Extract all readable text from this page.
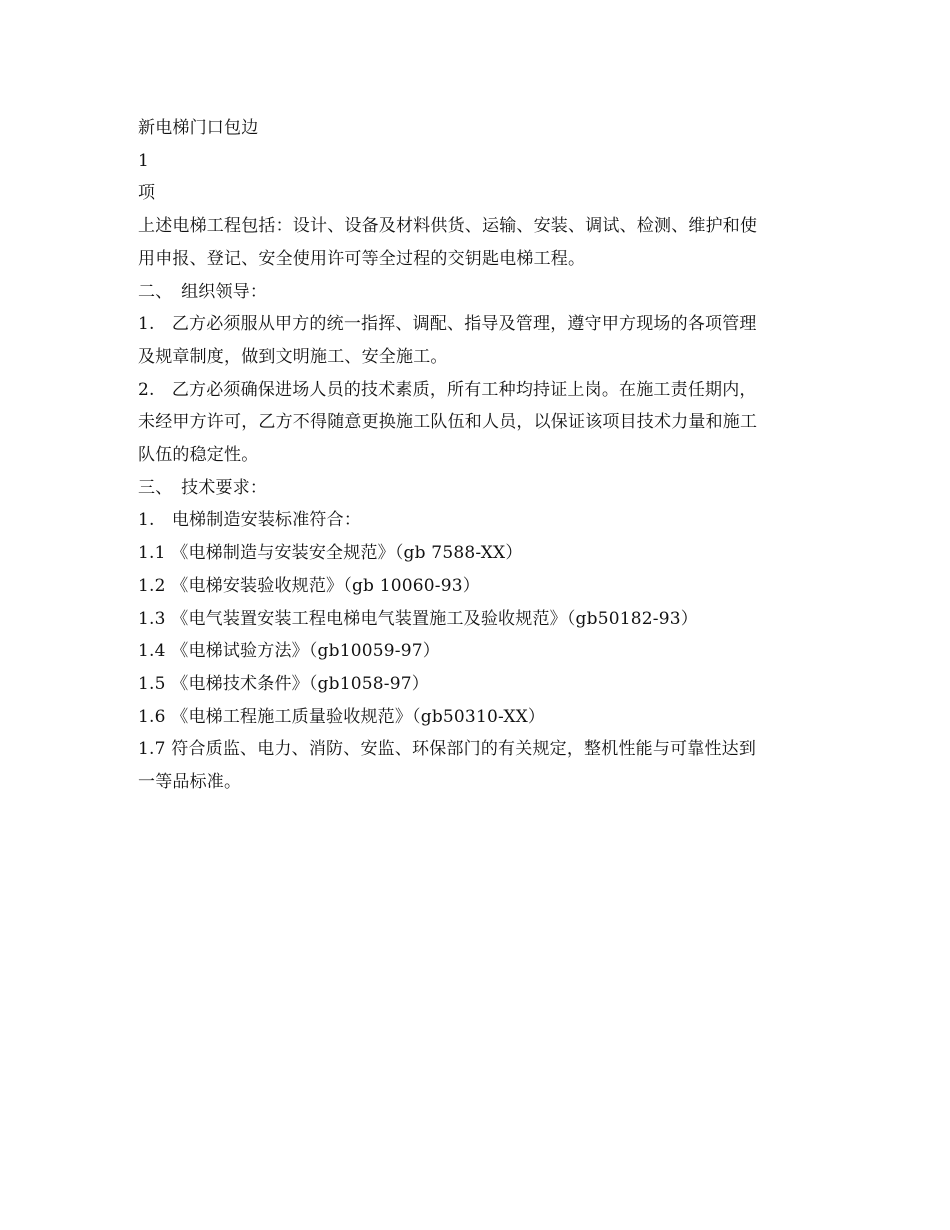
新电梯门口包边
1
项
上述电梯工程包括：设计、设备及材料供货、运输、安装、调试、检测、维护和使
用申报、登记、安全使用许可等全过程的交钥匙电梯工程。
二、　组织领导：
1.　乙方必须服从甲方的统一指挥、调配、指导及管理，遵守甲方现场的各项管理
及规章制度，做到文明施工、安全施工。
2.　乙方必须确保进场人员的技术素质，所有工种均持证上岗。在施工责任期内，
未经甲方许可，乙方不得随意更换施工队伍和人员，以保证该项目技术力量和施工
队伍的稳定性。
三、　技术要求：
1.　电梯制造安装标准符合：
1.1 《电梯制造与安装安全规范》（gb 7588-XX）
1.2 《电梯安装验收规范》（gb 10060-93）
1.3 《电气装置安装工程电梯电气装置施工及验收规范》（gb50182-93）
1.4 《电梯试验方法》（gb10059-97）
1.5 《电梯技术条件》（gb1058-97）
1.6 《电梯工程施工质量验收规范》（gb50310-XX）
1.7 符合质监、电力、消防、安监、环保部门的有关规定，整机性能与可靠性达到
一等品标准。
